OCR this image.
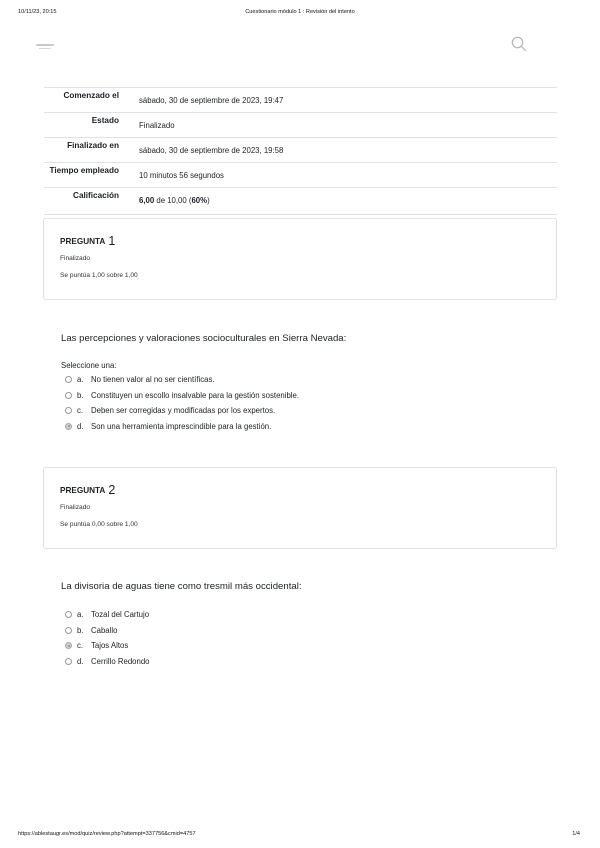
10/11/23, 20:15	Cuestionario módulo 1 : Revisión del intento
Comenzado el
sábado, 30 de septiembre de 2023, 19:47
Estado
Finalizado
Finalizado en
sábado, 30 de septiembre de 2023, 19:58
Tiempo empleado
10 minutos 56 segundos
Calificación
6,00 de 10,00 (60%)
PREGUNTA 1
Finalizado
Se puntúa 1,00 sobre 1,00
Las percepciones y valoraciones socioculturales en Sierra Nevada:
Seleccione una:
a. No tienen valor al no ser científicas.
b. Constituyen un escollo insalvable para la gestión sostenible.
c. Deben ser corregidas y modificadas por los expertos.
d. Son una herramienta imprescindible para la gestión.
PREGUNTA 2
Finalizado
Se puntúa 0,00 sobre 1,00
La divisoria de aguas tiene como tresmil más occidental:
a. Tozal del Cartujo
b. Caballo
c. Tajos Altos
d. Cerrillo Redondo
https://ablestaugr.es/mod/quiz/review.php?attempt=337756&cmid=4757	1/4
